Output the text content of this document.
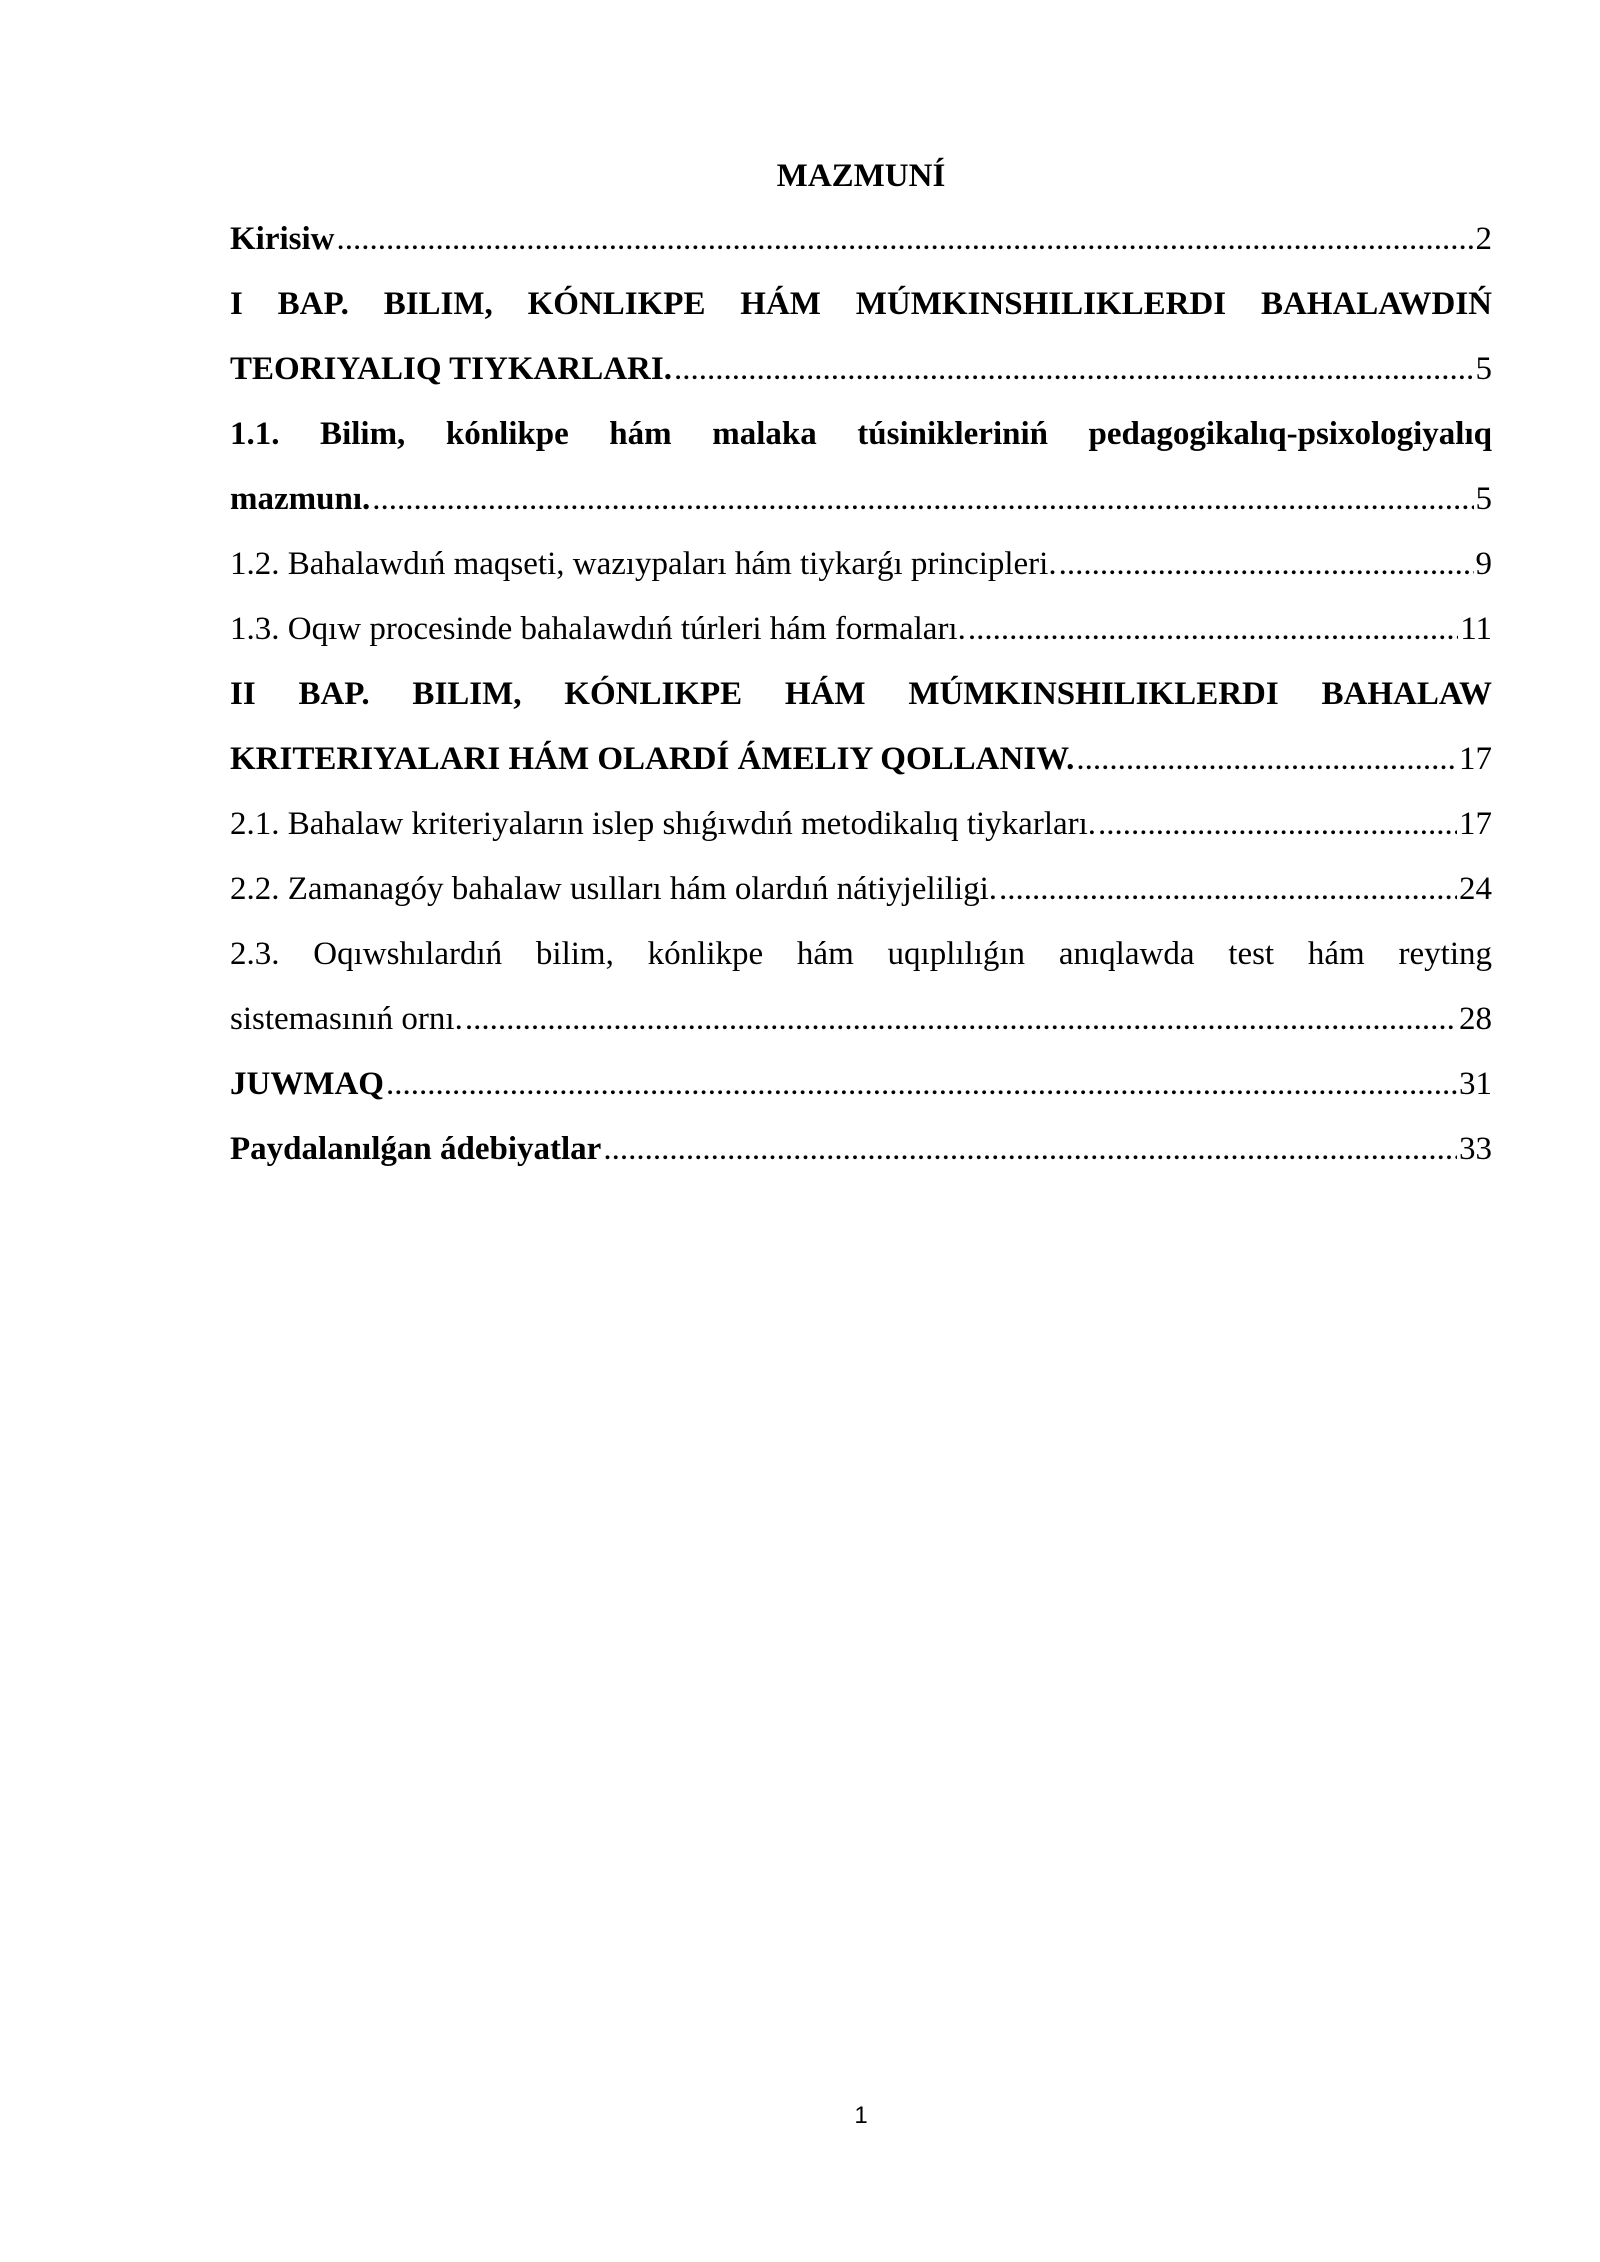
MAZMUNÍ
Kirisiw .....	2
I BAP. BILIM, KÓNLIKPE HÁM MÚMKINSHILIKLERDI BAHALAWDIŃ
TEORIYALIQ TIYKARLARI. .....	5
1.1. Bilim, kónlikpe hám malaka túsinikleriniń pedagogikalıq-psixologiyalıq
mazmunı. .....	5
1.2. Bahalawdıń maqseti, wazıypaları hám tiykarǵı principleri. .....	9
1.3. Oqıw procesinde bahalawdıń túrleri hám formaları. .....	11
II BAP. BILIM, KÓNLIKPE HÁM MÚMKINSHILIKLERDI BAHALAW
KRITERIYALARI HÁM OLARDÍ ÁMELIY QOLLANIW. .....	17
2.1. Bahalaw kriteriyaların islep shıǵıwdıń metodikalıq tiykarları. .....	17
2.2. Zamanagóy bahalaw usılları hám olardıń nátiyjeliligi. .....	24
2.3. Oqıwshılardıń bilim, kónlikpe hám uqıplılıǵın anıqlawda test hám reyting
sistemasınıń ornı. .....	28
JUWMAQ .....	31
Paydalanılǵan ádebiyatlar .....	33
1
